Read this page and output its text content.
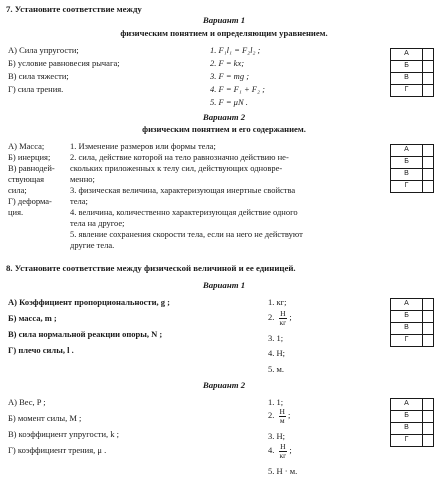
7. Установите соответствие между
Вариант 1
физическим понятием и определяющим уравнением.
А) Сила упругости;
Б) условие равновесия рычага;
В) сила тяжести;
Г) сила трения.
1. F₁l₁ = F₂l₂ ;
2. F = kx;
3. F = mg ;
4. F = F₁ + F₂ ;
5. F = μN .
А	
Б	
В	
Г	
Вариант 2
физическим понятием и его содержанием.
А) Масса;
Б) инерция;
В) равнодей-
ствующая
сила;
Г) деформа-
ция.
1. Изменение размеров или формы тела;
2. сила, действие которой на тело равнозначно действию не-
скольких приложенных к телу сил, действующих одновре-
менно;
3. физическая величина, характеризующая инертные свойства
тела;
4. величина, количественно характеризующая действие одного
тела на другое;
5. явление сохранения скорости тела, если на него не действуют
другие тела.
А	
Б	
В	
Г	
8. Установите соответствие между физической величиной и ее единицей.
Вариант 1
А) Коэффициент пропорциональности, g ;
Б) масса, m ;
В) сила нормальной реакции опоры, N ;
Г) плечо силы, l .
1. кг;
2. $\frac{Н}{кг}$ ;
3. 1;
4. Н;
5. м.
А	
Б	
В	
Г	
Вариант 2
А) Вес, P ;
Б) момент силы, M ;
В) коэффициент упругости, k ;
Г) коэффициент трения, μ .
1. 1;
2. $\frac{Н}{м}$ ;
3. Н;
4. $\frac{Н}{кг}$ ;
5. Н · м.
А	
Б	
В	
Г	
